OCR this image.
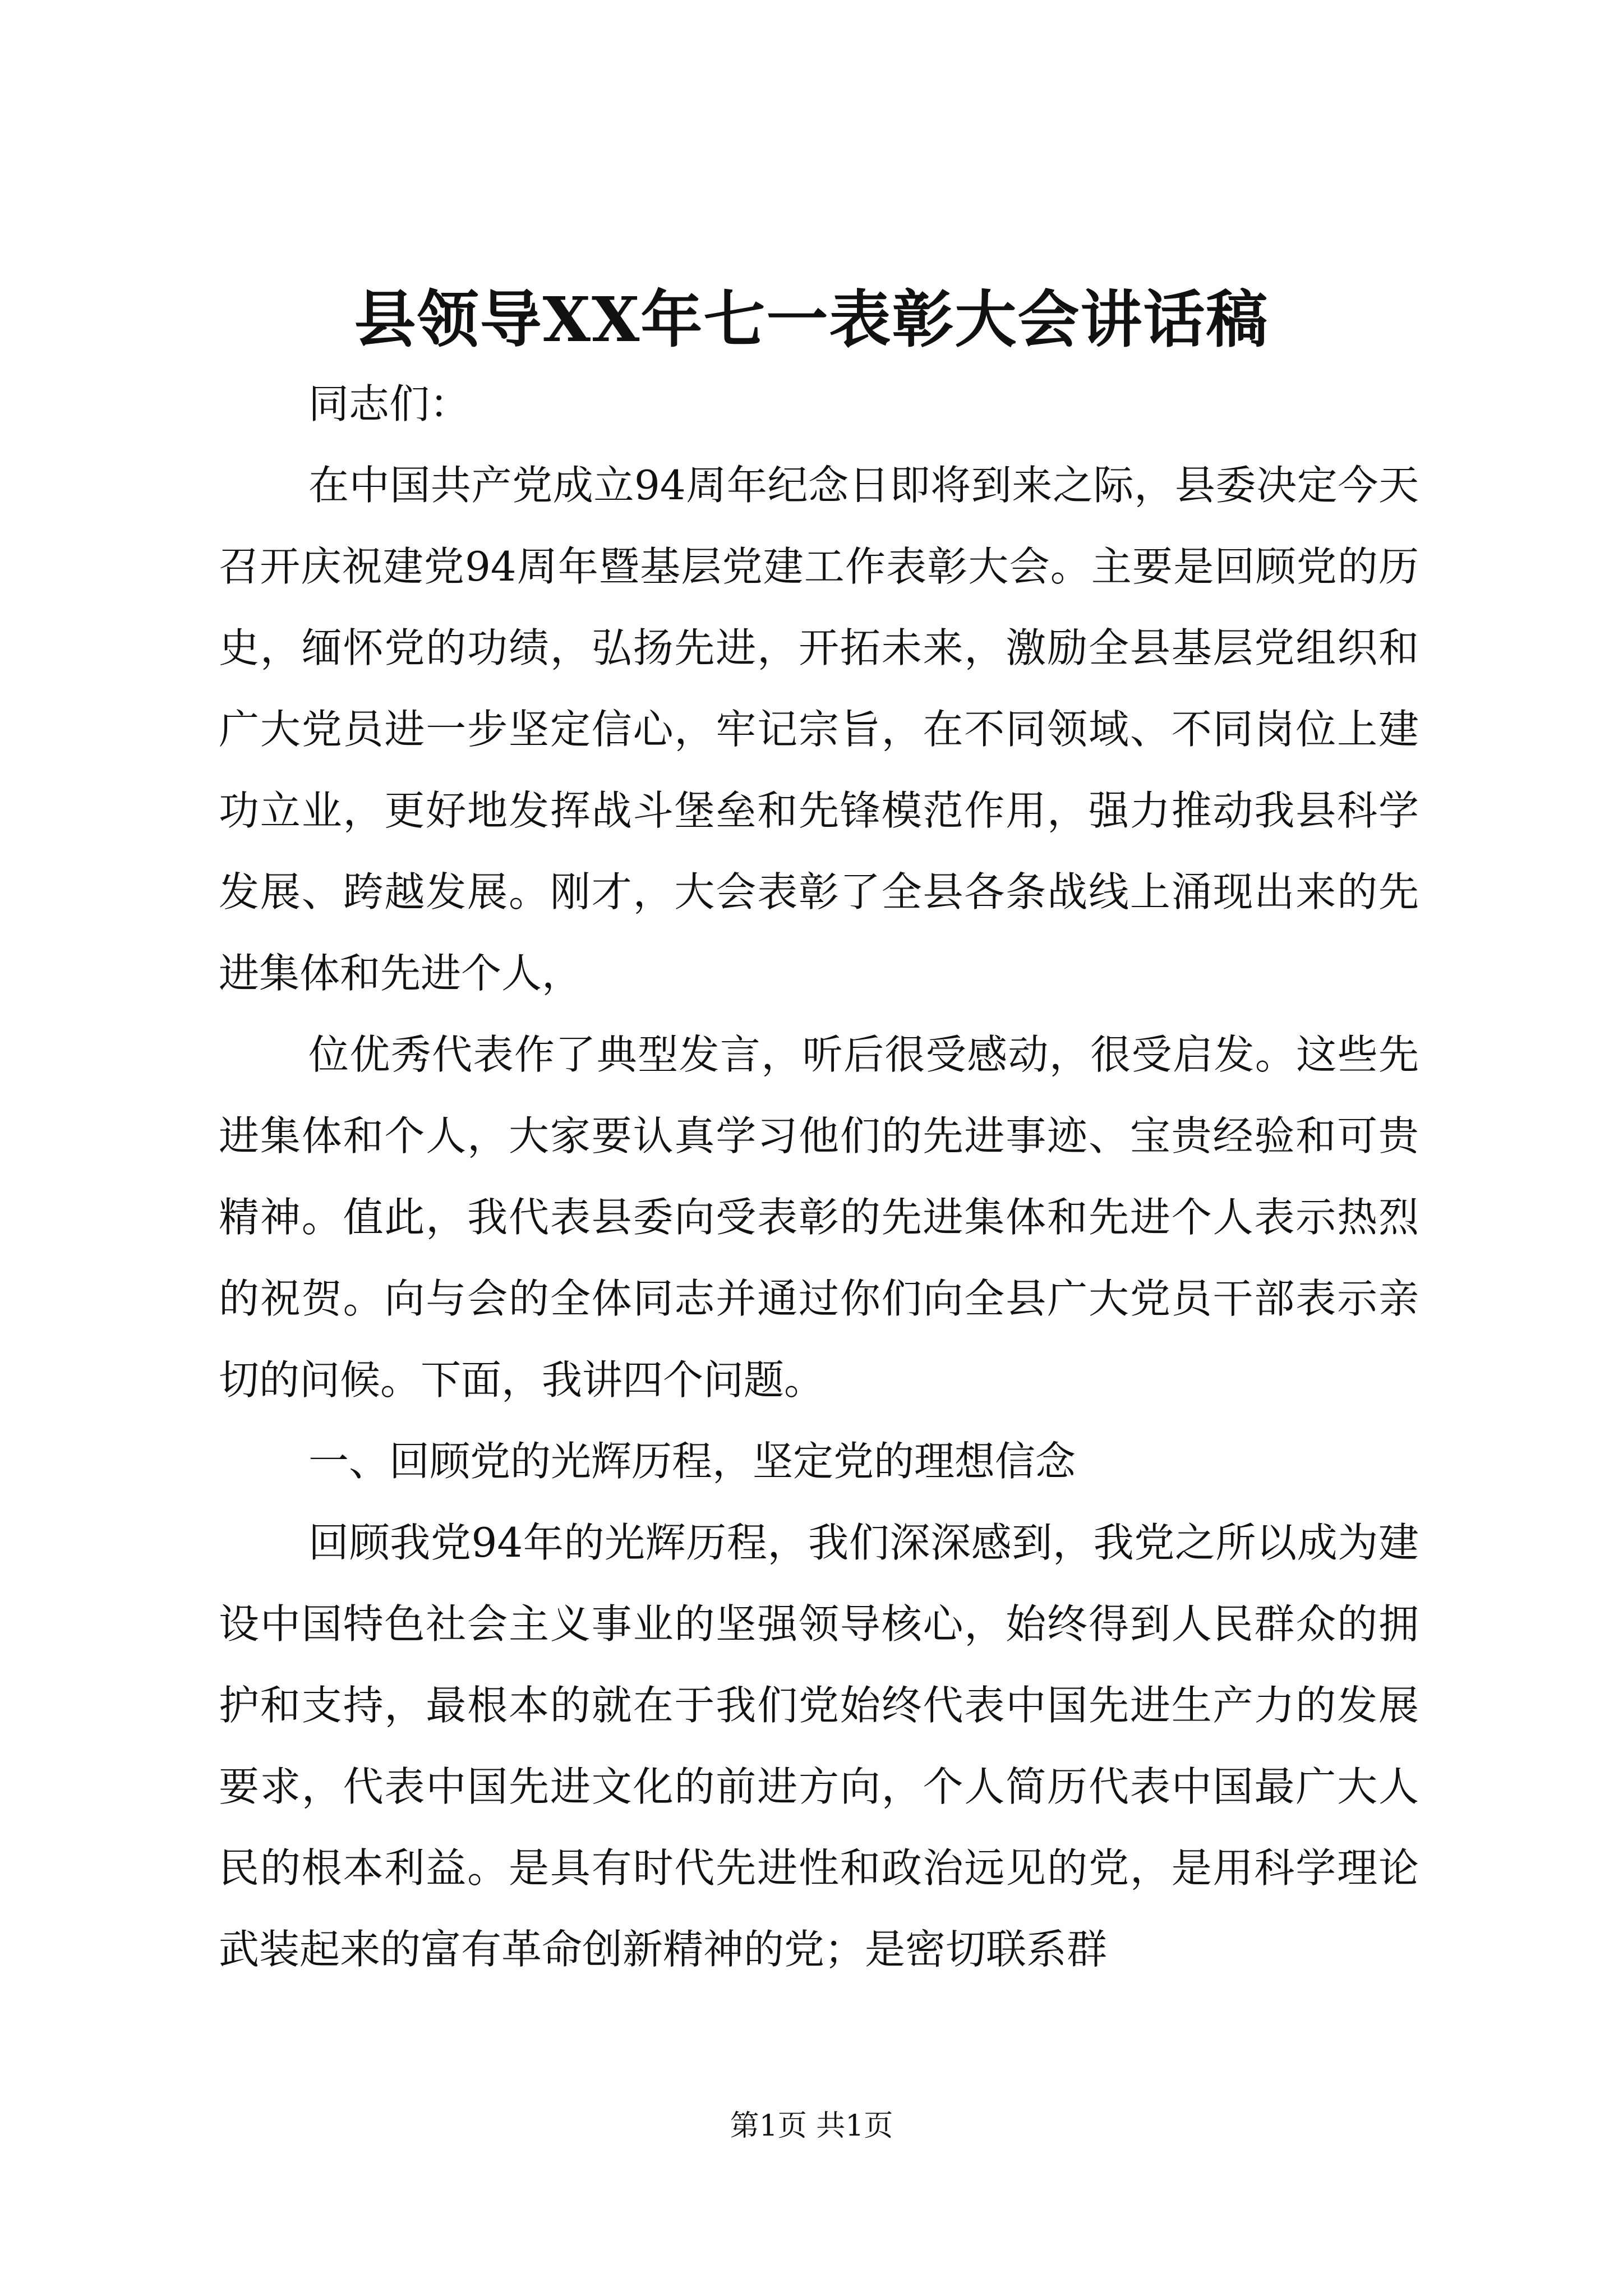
县领导XX年七一表彰大会讲话稿

同志们：

在中国共产党成立94周年纪念日即将到来之际，县委决定今天召开庆祝建党94周年暨基层党建工作表彰大会。主要是回顾党的历史，缅怀党的功绩，弘扬先进，开拓未来，激励全县基层党组织和广大党员进一步坚定信心，牢记宗旨，在不同领域、不同岗位上建功立业，更好地发挥战斗堡垒和先锋模范作用，强力推动我县科学发展、跨越发展。刚才，大会表彰了全县各条战线上涌现出来的先进集体和先进个人，

位优秀代表作了典型发言，听后很受感动，很受启发。这些先进集体和个人，大家要认真学习他们的先进事迹、宝贵经验和可贵精神。值此，我代表县委向受表彰的先进集体和先进个人表示热烈的祝贺。向与会的全体同志并通过你们向全县广大党员干部表示亲切的问候。下面，我讲四个问题。

一、回顾党的光辉历程，坚定党的理想信念

回顾我党94年的光辉历程，我们深深感到，我党之所以成为建设中国特色社会主义事业的坚强领导核心，始终得到人民群众的拥护和支持，最根本的就在于我们党始终代表中国先进生产力的发展要求，代表中国先进文化的前进方向，个人简历代表中国最广大人民的根本利益。是具有时代先进性和政治远见的党，是用科学理论武装起来的富有革命创新精神的党；是密切联系群

第1页 共1页
